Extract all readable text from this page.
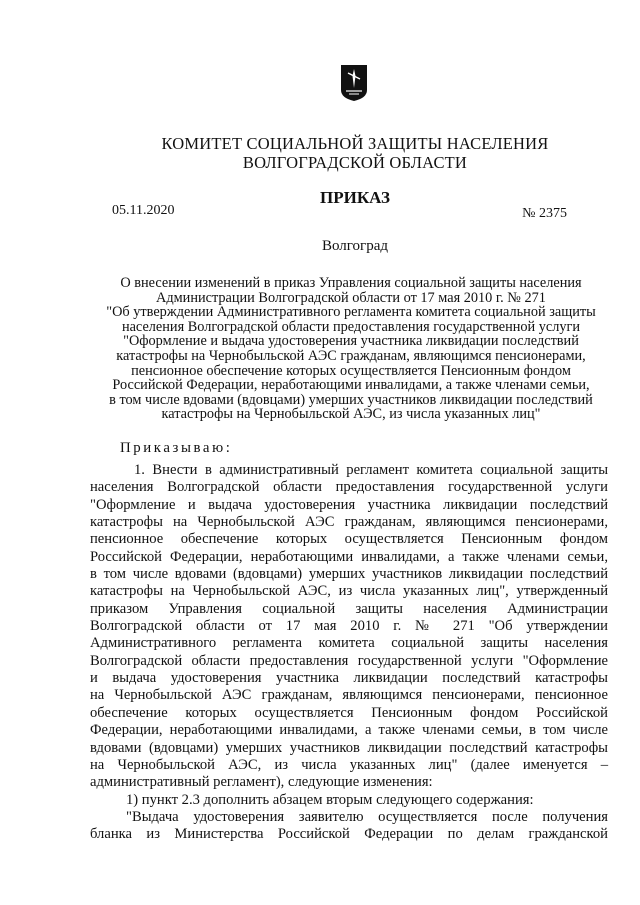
КОМИТЕТ СОЦИАЛЬНОЙ ЗАЩИТЫ НАСЕЛЕНИЯ
ВОЛГОГРАДСКОЙ ОБЛАСТИ
ПРИКАЗ
05.11.2020	№ 2375
Волгоград
О внесении изменений в приказ Управления социальной защиты населения
Администрации Волгоградской области от 17 мая 2010 г. № 271
"Об утверждении Административного регламента комитета социальной защиты
населения Волгоградской области предоставления государственной услуги
"Оформление и выдача удостоверения участника ликвидации последствий
катастрофы на Чернобыльской АЭС гражданам, являющимся пенсионерами,
пенсионное обеспечение которых осуществляется Пенсионным фондом
Российской Федерации, неработающими инвалидами, а также членами семьи,
в том числе вдовами (вдовцами) умерших участников ликвидации последствий
катастрофы на Чернобыльской АЭС, из числа указанных лиц"
Приказываю:
1. Внести в административный регламент комитета социальной защиты
населения Волгоградской области предоставления государственной услуги
"Оформление и выдача удостоверения участника ликвидации последствий
катастрофы на Чернобыльской АЭС гражданам, являющимся пенсионерами,
пенсионное обеспечение которых осуществляется Пенсионным фондом
Российской Федерации, неработающими инвалидами, а также членами семьи,
в том числе вдовами (вдовцами) умерших участников ликвидации последствий
катастрофы на Чернобыльской АЭС, из числа указанных лиц", утвержденный
приказом Управления социальной защиты населения Администрации
Волгоградской области от 17 мая 2010 г. № 271 "Об утверждении
Административного регламента комитета социальной защиты населения
Волгоградской области предоставления государственной услуги "Оформление
и выдача удостоверения участника ликвидации последствий катастрофы
на Чернобыльской АЭС гражданам, являющимся пенсионерами, пенсионное
обеспечение которых осуществляется Пенсионным фондом Российской
Федерации, неработающими инвалидами, а также членами семьи, в том числе
вдовами (вдовцами) умерших участников ликвидации последствий катастрофы
на Чернобыльской АЭС, из числа указанных лиц" (далее именуется –
административный регламент), следующие изменения:
1) пункт 2.3 дополнить абзацем вторым следующего содержания:
"Выдача удостоверения заявителю осуществляется после получения
бланка из Министерства Российской Федерации по делам гражданской
